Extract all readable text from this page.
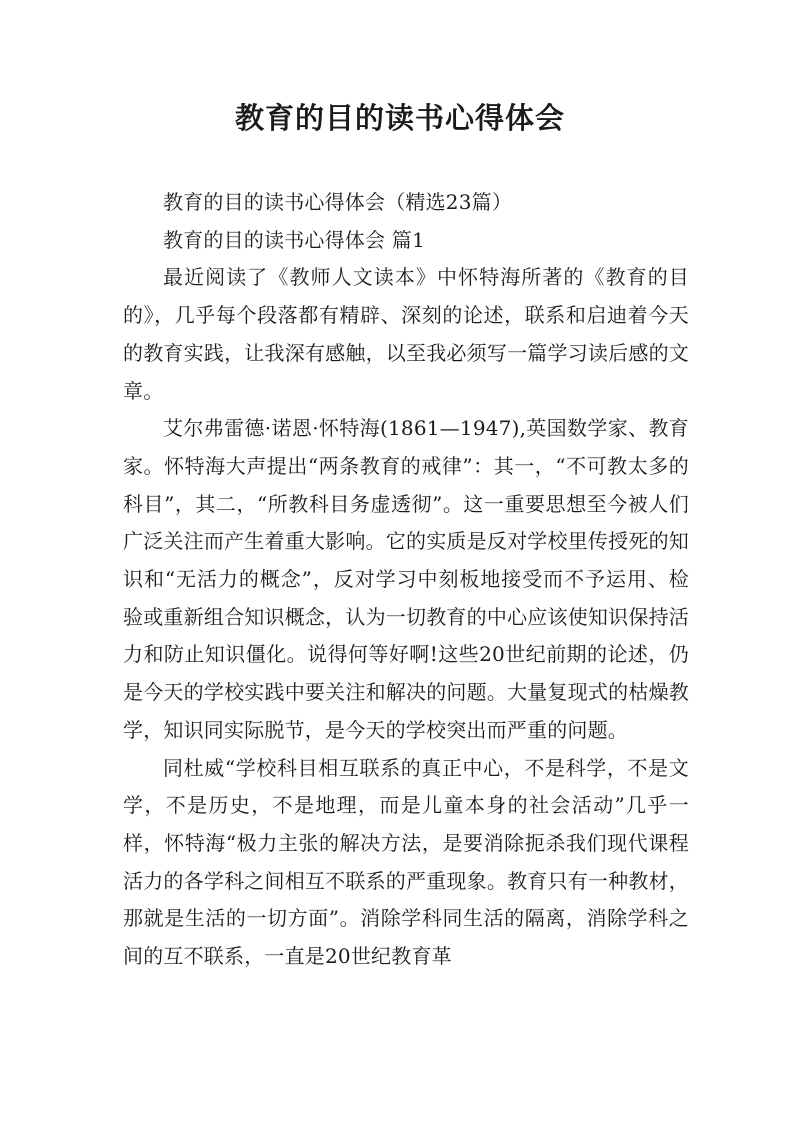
教育的目的读书心得体会

教育的目的读书心得体会（精选23篇）

教育的目的读书心得体会 篇1

最近阅读了《教师人文读本》中怀特海所著的《教育的目的》，几乎每个段落都有精辟、深刻的论述，联系和启迪着今天的教育实践，让我深有感触，以至我必须写一篇学习读后感的文章。

艾尔弗雷德·诺恩·怀特海(1861—1947),英国数学家、教育家。怀特海大声提出“两条教育的戒律”：其一，“不可教太多的科目”，其二，“所教科目务虚透彻”。这一重要思想至今被人们广泛关注而产生着重大影响。它的实质是反对学校里传授死的知识和“无活力的概念”，反对学习中刻板地接受而不予运用、检验或重新组合知识概念，认为一切教育的中心应该使知识保持活力和防止知识僵化。说得何等好啊!这些20世纪前期的论述，仍是今天的学校实践中要关注和解决的问题。大量复现式的枯燥教学，知识同实际脱节，是今天的学校突出而严重的问题。

同杜威“学校科目相互联系的真正中心，不是科学，不是文学，不是历史，不是地理，而是儿童本身的社会活动”几乎一样，怀特海“极力主张的解决方法，是要消除扼杀我们现代课程活力的各学科之间相互不联系的严重现象。教育只有一种教材，那就是生活的一切方面”。消除学科同生活的隔离，消除学科之间的互不联系，一直是20世纪教育革
